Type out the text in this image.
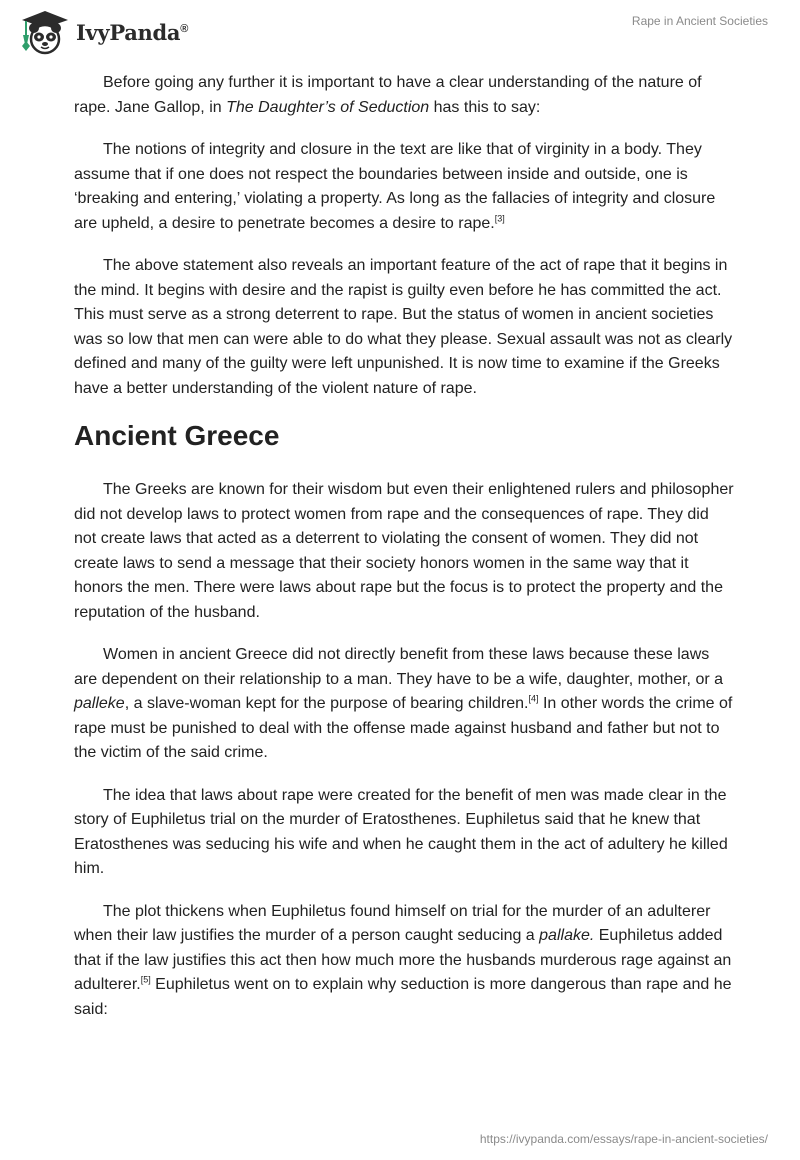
IvyPanda®
Rape in Ancient Societies

Before going any further it is important to have a clear understanding of the nature of rape. Jane Gallop, in The Daughter’s of Seduction has this to say:

The notions of integrity and closure in the text are like that of virginity in a body. They assume that if one does not respect the boundaries between inside and outside, one is ‘breaking and entering,’ violating a property. As long as the fallacies of integrity and closure are upheld, a desire to penetrate becomes a desire to rape.[3]

The above statement also reveals an important feature of the act of rape that it begins in the mind. It begins with desire and the rapist is guilty even before he has committed the act. This must serve as a strong deterrent to rape. But the status of women in ancient societies was so low that men can were able to do what they please. Sexual assault was not as clearly defined and many of the guilty were left unpunished. It is now time to examine if the Greeks have a better understanding of the violent nature of rape.

Ancient Greece

The Greeks are known for their wisdom but even their enlightened rulers and philosopher did not develop laws to protect women from rape and the consequences of rape. They did not create laws that acted as a deterrent to violating the consent of women. They did not create laws to send a message that their society honors women in the same way that it honors the men. There were laws about rape but the focus is to protect the property and the reputation of the husband.

Women in ancient Greece did not directly benefit from these laws because these laws are dependent on their relationship to a man. They have to be a wife, daughter, mother, or a palleke, a slave-woman kept for the purpose of bearing children.[4] In other words the crime of rape must be punished to deal with the offense made against husband and father but not to the victim of the said crime.

The idea that laws about rape were created for the benefit of men was made clear in the story of Euphiletus trial on the murder of Eratosthenes. Euphiletus said that he knew that Eratosthenes was seducing his wife and when he caught them in the act of adultery he killed him.

The plot thickens when Euphiletus found himself on trial for the murder of an adulterer when their law justifies the murder of a person caught seducing a pallake. Euphiletus added that if the law justifies this act then how much more the husbands murderous rage against an adulterer.[5] Euphiletus went on to explain why seduction is more dangerous than rape and he said:

https://ivypanda.com/essays/rape-in-ancient-societies/
